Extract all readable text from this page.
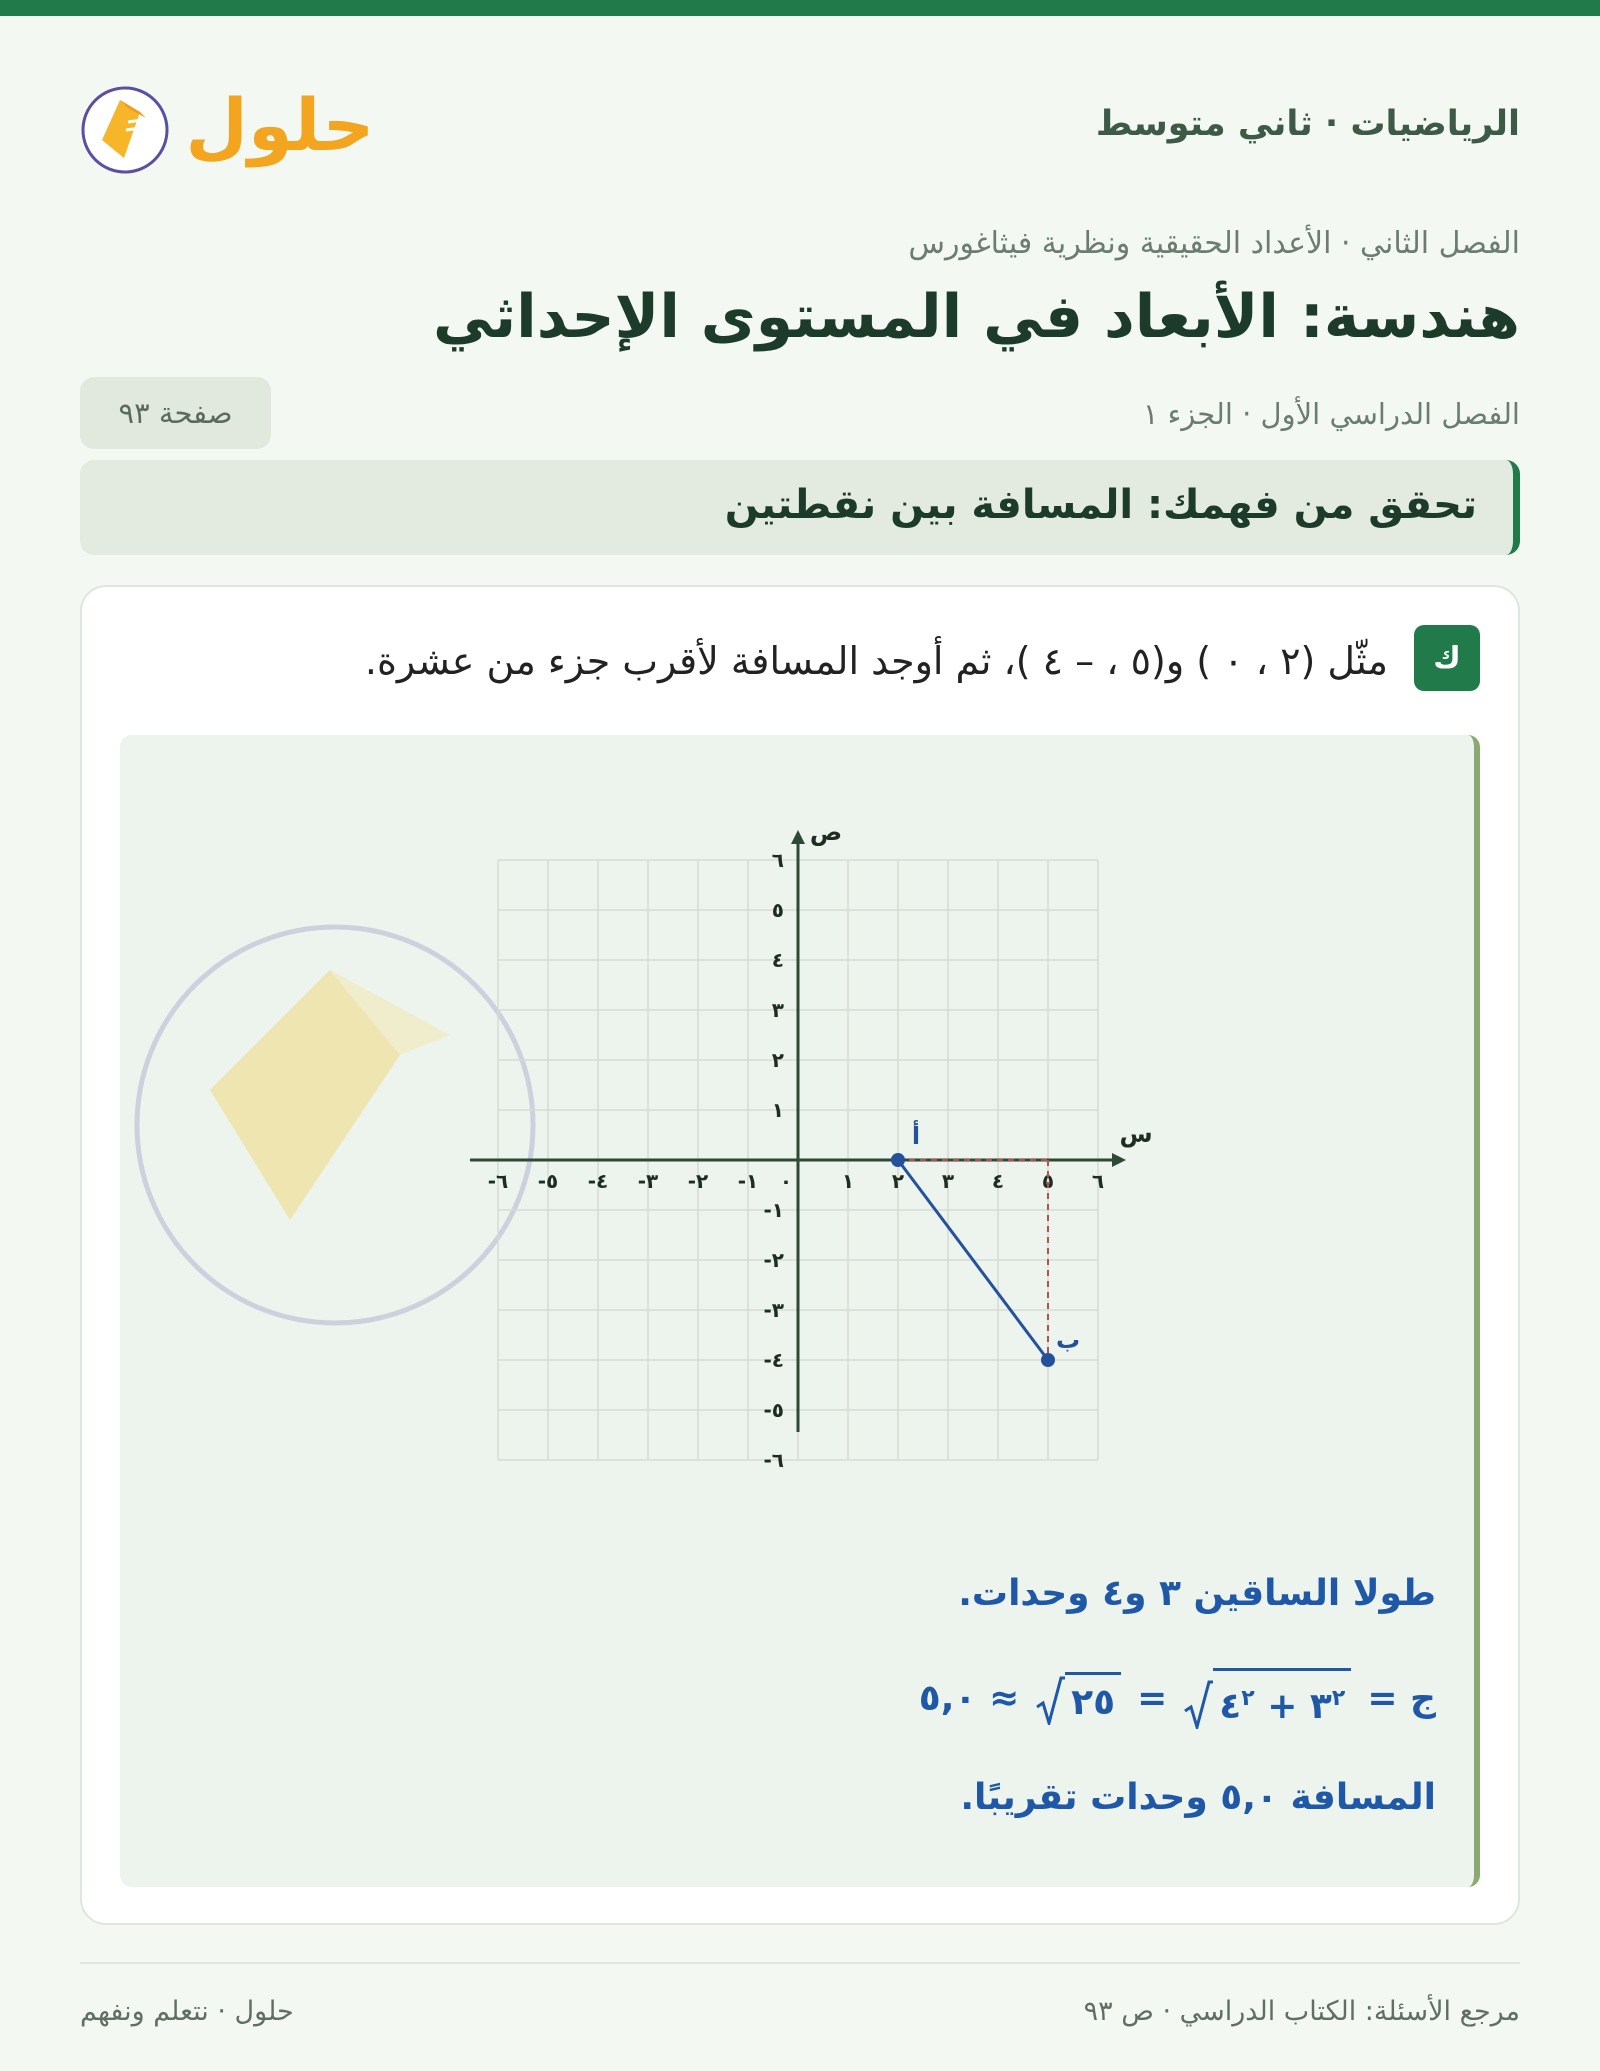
حلول	الرياضيات · ثاني متوسط
الفصل الثاني · الأعداد الحقيقية ونظرية فيثاغورس
هندسة: الأبعاد في المستوى الإحداثي
الفصل الدراسي الأول · الجزء ١
صفحة ٩٣
تحقق من فهمك: المسافة بين نقطتين
ك
مثّل (٢ ، ٠ ) و(٥ ، – ٤ )، ثم أوجد المسافة لأقرب جزء من عشرة.
-٦ -٥ -٤ -٣ -٢ -١ ٠ ١ ٢ ٣ ٤ ٥ ٦
-٦
-٥
-٤
-٣
-٢
-١
١
٢
٣
٤
٥
٦
س
ص
أ
ب
طولا الساقين ٣ و٤ وحدات.
ج =
$٣^٢$ + $٤^٢$
=
٢٥
≈ ٥,٠
المسافة ٥,٠ وحدات تقريبًا.
مرجع الأسئلة: الكتاب الدراسي · ص ٩٣
حلول · نتعلم ونفهم
